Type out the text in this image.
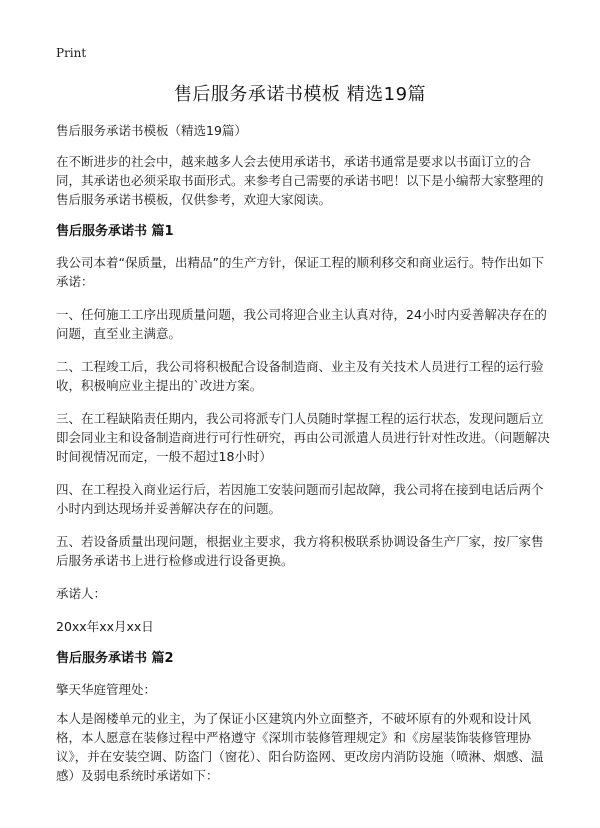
Print
售后服务承诺书模板 精选19篇

售后服务承诺书模板（精选19篇）

在不断进步的社会中，越来越多人会去使用承诺书，承诺书通常是要求以书面订立的合同，其承诺也必须采取书面形式。来参考自己需要的承诺书吧！以下是小编帮大家整理的售后服务承诺书模板，仅供参考，欢迎大家阅读。

售后服务承诺书 篇1

我公司本着“保质量，出精品”的生产方针，保证工程的顺利移交和商业运行。特作出如下承诺：

一、任何施工工序出现质量问题，我公司将迎合业主认真对待，24小时内妥善解决存在的问题，直至业主满意。

二、工程竣工后，我公司将积极配合设备制造商、业主及有关技术人员进行工程的运行验收，积极响应业主提出的`改进方案。

三、在工程缺陷责任期内，我公司将派专门人员随时掌握工程的运行状态，发现问题后立即会同业主和设备制造商进行可行性研究，再由公司派遣人员进行针对性改进。（问题解决时间视情况而定，一般不超过18小时）

四、在工程投入商业运行后，若因施工安装问题而引起故障，我公司将在接到电话后两个小时内到达现场并妥善解决存在的问题。

五、若设备质量出现问题，根据业主要求，我方将积极联系协调设备生产厂家，按厂家售后服务承诺书上进行检修或进行设备更换。

承诺人：

20xx年xx月xx日

售后服务承诺书 篇2

擎天华庭管理处：

本人是阁楼单元的业主，为了保证小区建筑内外立面整齐，不破坏原有的外观和设计风格，本人愿意在装修过程中严格遵守《深圳市装修管理规定》和《房屋装饰装修管理协议》，并在安装空调、防盗门（窗花）、阳台防盗网、更改房内消防设施（喷淋、烟感、温感）及弱电系统时承诺如下：
